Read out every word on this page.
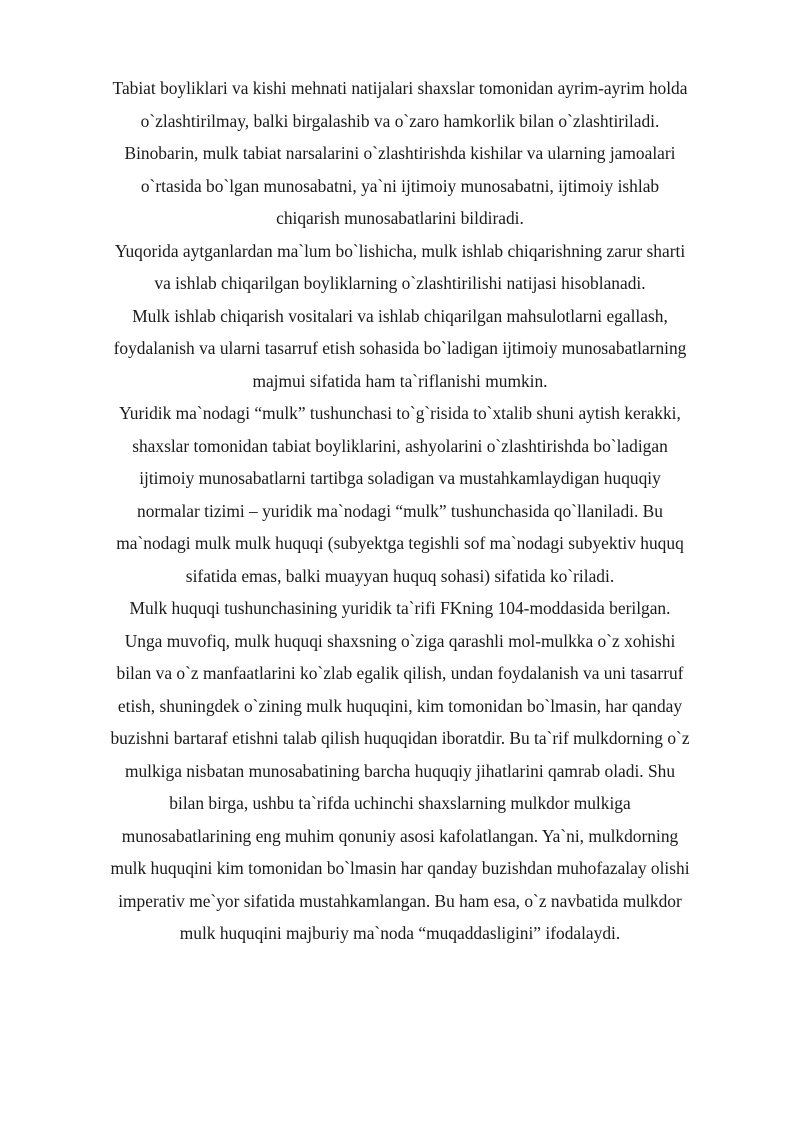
Tabiat boyliklari va kishi mehnati natijalari shaxslar tomonidan ayrim-ayrim holda
o`zlashtirilmay, balki birgalashib va o`zaro hamkorlik bilan o`zlashtiriladi.
Binobarin, mulk tabiat narsalarini o`zlashtirishda kishilar va ularning jamoalari
o`rtasida bo`lgan munosabatni, ya`ni ijtimoiy munosabatni, ijtimoiy ishlab
chiqarish munosabatlarini bildiradi.
Yuqorida aytganlardan ma`lum bo`lishicha, mulk ishlab chiqarishning zarur sharti
va ishlab chiqarilgan boyliklarning o`zlashtirilishi natijasi hisoblanadi.
Mulk ishlab chiqarish vositalari va ishlab chiqarilgan mahsulotlarni egallash,
foydalanish va ularni tasarruf etish sohasida bo`ladigan ijtimoiy munosabatlarning
majmui sifatida ham ta`riflanishi mumkin.
Yuridik ma`nodagi “mulk” tushunchasi to`g`risida to`xtalib shuni aytish kerakki,
shaxslar tomonidan tabiat boyliklarini, ashyolarini o`zlashtirishda bo`ladigan
ijtimoiy munosabatlarni tartibga soladigan va mustahkamlaydigan huquqiy
normalar tizimi – yuridik ma`nodagi “mulk” tushunchasida qo`llaniladi. Bu
ma`nodagi mulk mulk huquqi (subyektga tegishli sof ma`nodagi subyektiv huquq
sifatida emas, balki muayyan huquq sohasi) sifatida ko`riladi.
Mulk huquqi tushunchasining yuridik ta`rifi FKning 104-moddasida berilgan.
Unga muvofiq, mulk huquqi shaxsning o`ziga qarashli mol-mulkka o`z xohishi
bilan va o`z manfaatlarini ko`zlab egalik qilish, undan foydalanish va uni tasarruf
etish, shuningdek o`zining mulk huquqini, kim tomonidan bo`lmasin, har qanday
buzishni bartaraf etishni talab qilish huquqidan iboratdir. Bu ta`rif mulkdorning o`z
mulkiga nisbatan munosabatining barcha huquqiy jihatlarini qamrab oladi. Shu
bilan birga, ushbu ta`rifda uchinchi shaxslarning mulkdor mulkiga
munosabatlarining eng muhim qonuniy asosi kafolatlangan. Ya`ni, mulkdorning
mulk huquqini kim tomonidan bo`lmasin har qanday buzishdan muhofazalay olishi
imperativ me`yor sifatida mustahkamlangan. Bu ham esa, o`z navbatida mulkdor
mulk huquqini majburiy ma`noda “muqaddasligini” ifodalaydi.
